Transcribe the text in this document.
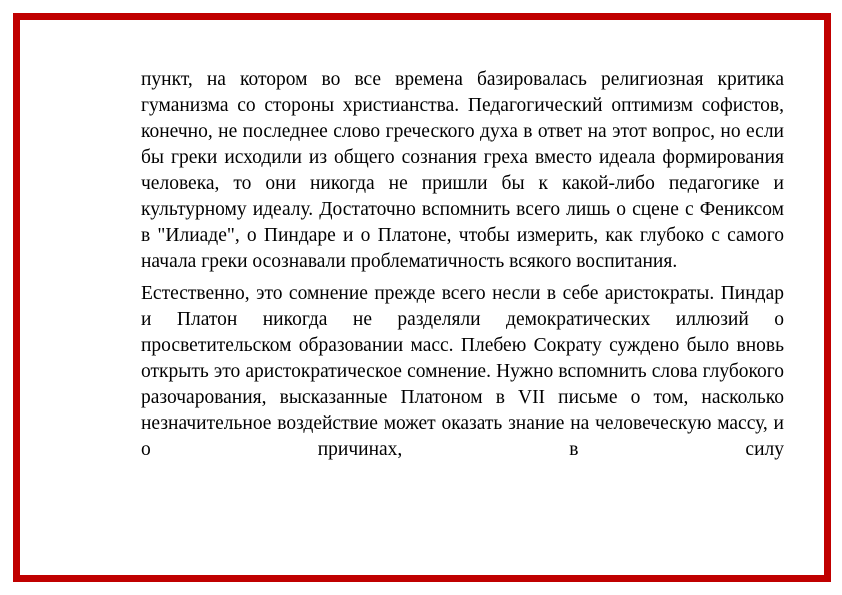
пункт, на котором во все времена базировалась религиозная критика гуманизма со стороны христианства. Педагогический оптимизм софистов, конечно, не последнее слово греческого духа в ответ на этот вопрос, но если бы греки исходили из общего сознания греха вместо идеала формирования человека, то они никогда не пришли бы к какой-либо педагогике и культурному идеалу. Достаточно вспомнить всего лишь о сцене с Фениксом в "Илиаде", о Пиндаре и о Платоне, чтобы измерить, как глубоко с самого начала греки осознавали проблематичность всякого воспитания.

Естественно, это сомнение прежде всего несли в себе аристократы. Пиндар и Платон никогда не разделяли демократических иллюзий о просветительском образовании масс. Плебею Сократу суждено было вновь открыть это аристократическое сомнение. Нужно вспомнить слова глубокого разочарования, высказанные Платоном в VII письме о том, насколько незначительное воздействие может оказать знание на человеческую массу, и о причинах, в силу
